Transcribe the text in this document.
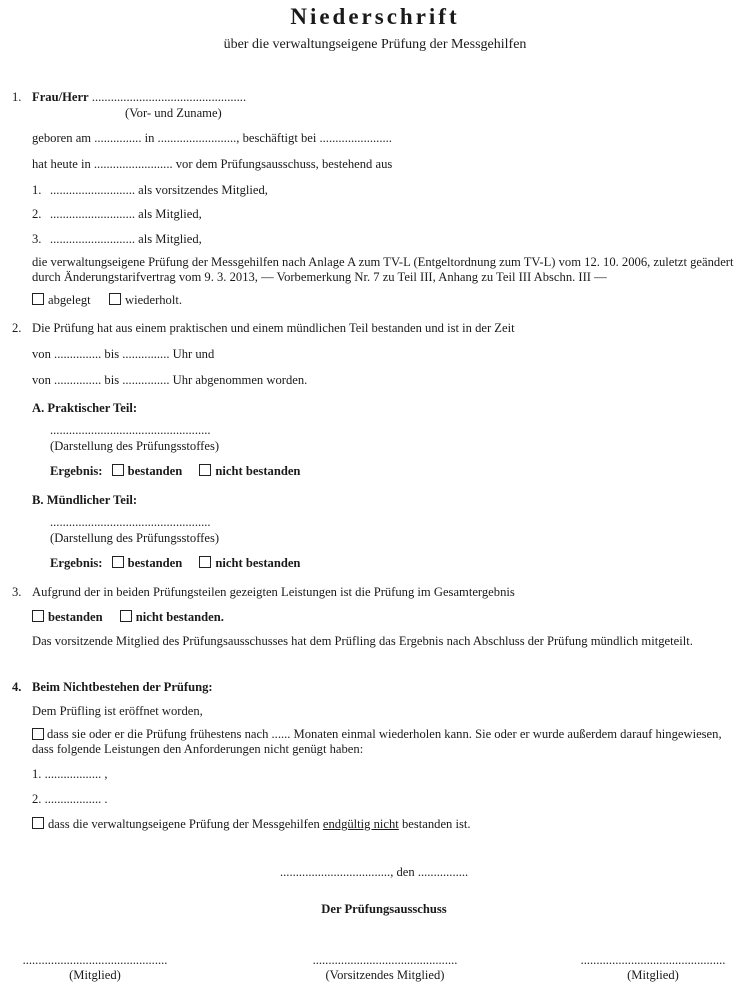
Niederschrift
über die verwaltungseigene Prüfung der Messgehilfen
1. Frau/Herr .................................................
(Vor- und Zuname)
geboren am ............... in ........................., beschäftigt bei .......................
hat heute in ......................... vor dem Prüfungsausschuss, bestehend aus
1. ........................... als vorsitzendes Mitglied,
2. ........................... als Mitglied,
3. ........................... als Mitglied,
die verwaltungseigene Prüfung der Messgehilfen nach Anlage A zum TV-L (Entgeltordnung zum TV-L) vom 12. 10. 2006, zuletzt geändert durch Änderungstarifvertrag vom 9. 3. 2013, — Vorbemerkung Nr. 7 zu Teil III, Anhang zu Teil III Abschn. III —
abgelegt	wiederholt.
2. Die Prüfung hat aus einem praktischen und einem mündlichen Teil bestanden und ist in der Zeit
von ............... bis ............... Uhr und
von ............... bis ............... Uhr abgenommen worden.
A. Praktischer Teil:
...................................................
(Darstellung des Prüfungsstoffes)
Ergebnis: bestanden	nicht bestanden
B. Mündlicher Teil:
...................................................
(Darstellung des Prüfungsstoffes)
Ergebnis: bestanden	nicht bestanden
3. Aufgrund der in beiden Prüfungsteilen gezeigten Leistungen ist die Prüfung im Gesamtergebnis
bestanden	nicht bestanden.
Das vorsitzende Mitglied des Prüfungsausschusses hat dem Prüfling das Ergebnis nach Abschluss der Prüfung mündlich mitgeteilt.
4. Beim Nichtbestehen der Prüfung:
Dem Prüfling ist eröffnet worden,
dass sie oder er die Prüfung frühestens nach ...... Monaten einmal wiederholen kann. Sie oder er wurde außerdem darauf hingewiesen, dass folgende Leistungen den Anforderungen nicht genügt haben:
1. .................. ,
2. .................. .
dass die verwaltungseigene Prüfung der Messgehilfen endgültig nicht bestanden ist.
..................................., den ................
Der Prüfungsausschuss
..............................................
(Mitglied)
..............................................
(Vorsitzendes Mitglied)
..............................................
(Mitglied)
